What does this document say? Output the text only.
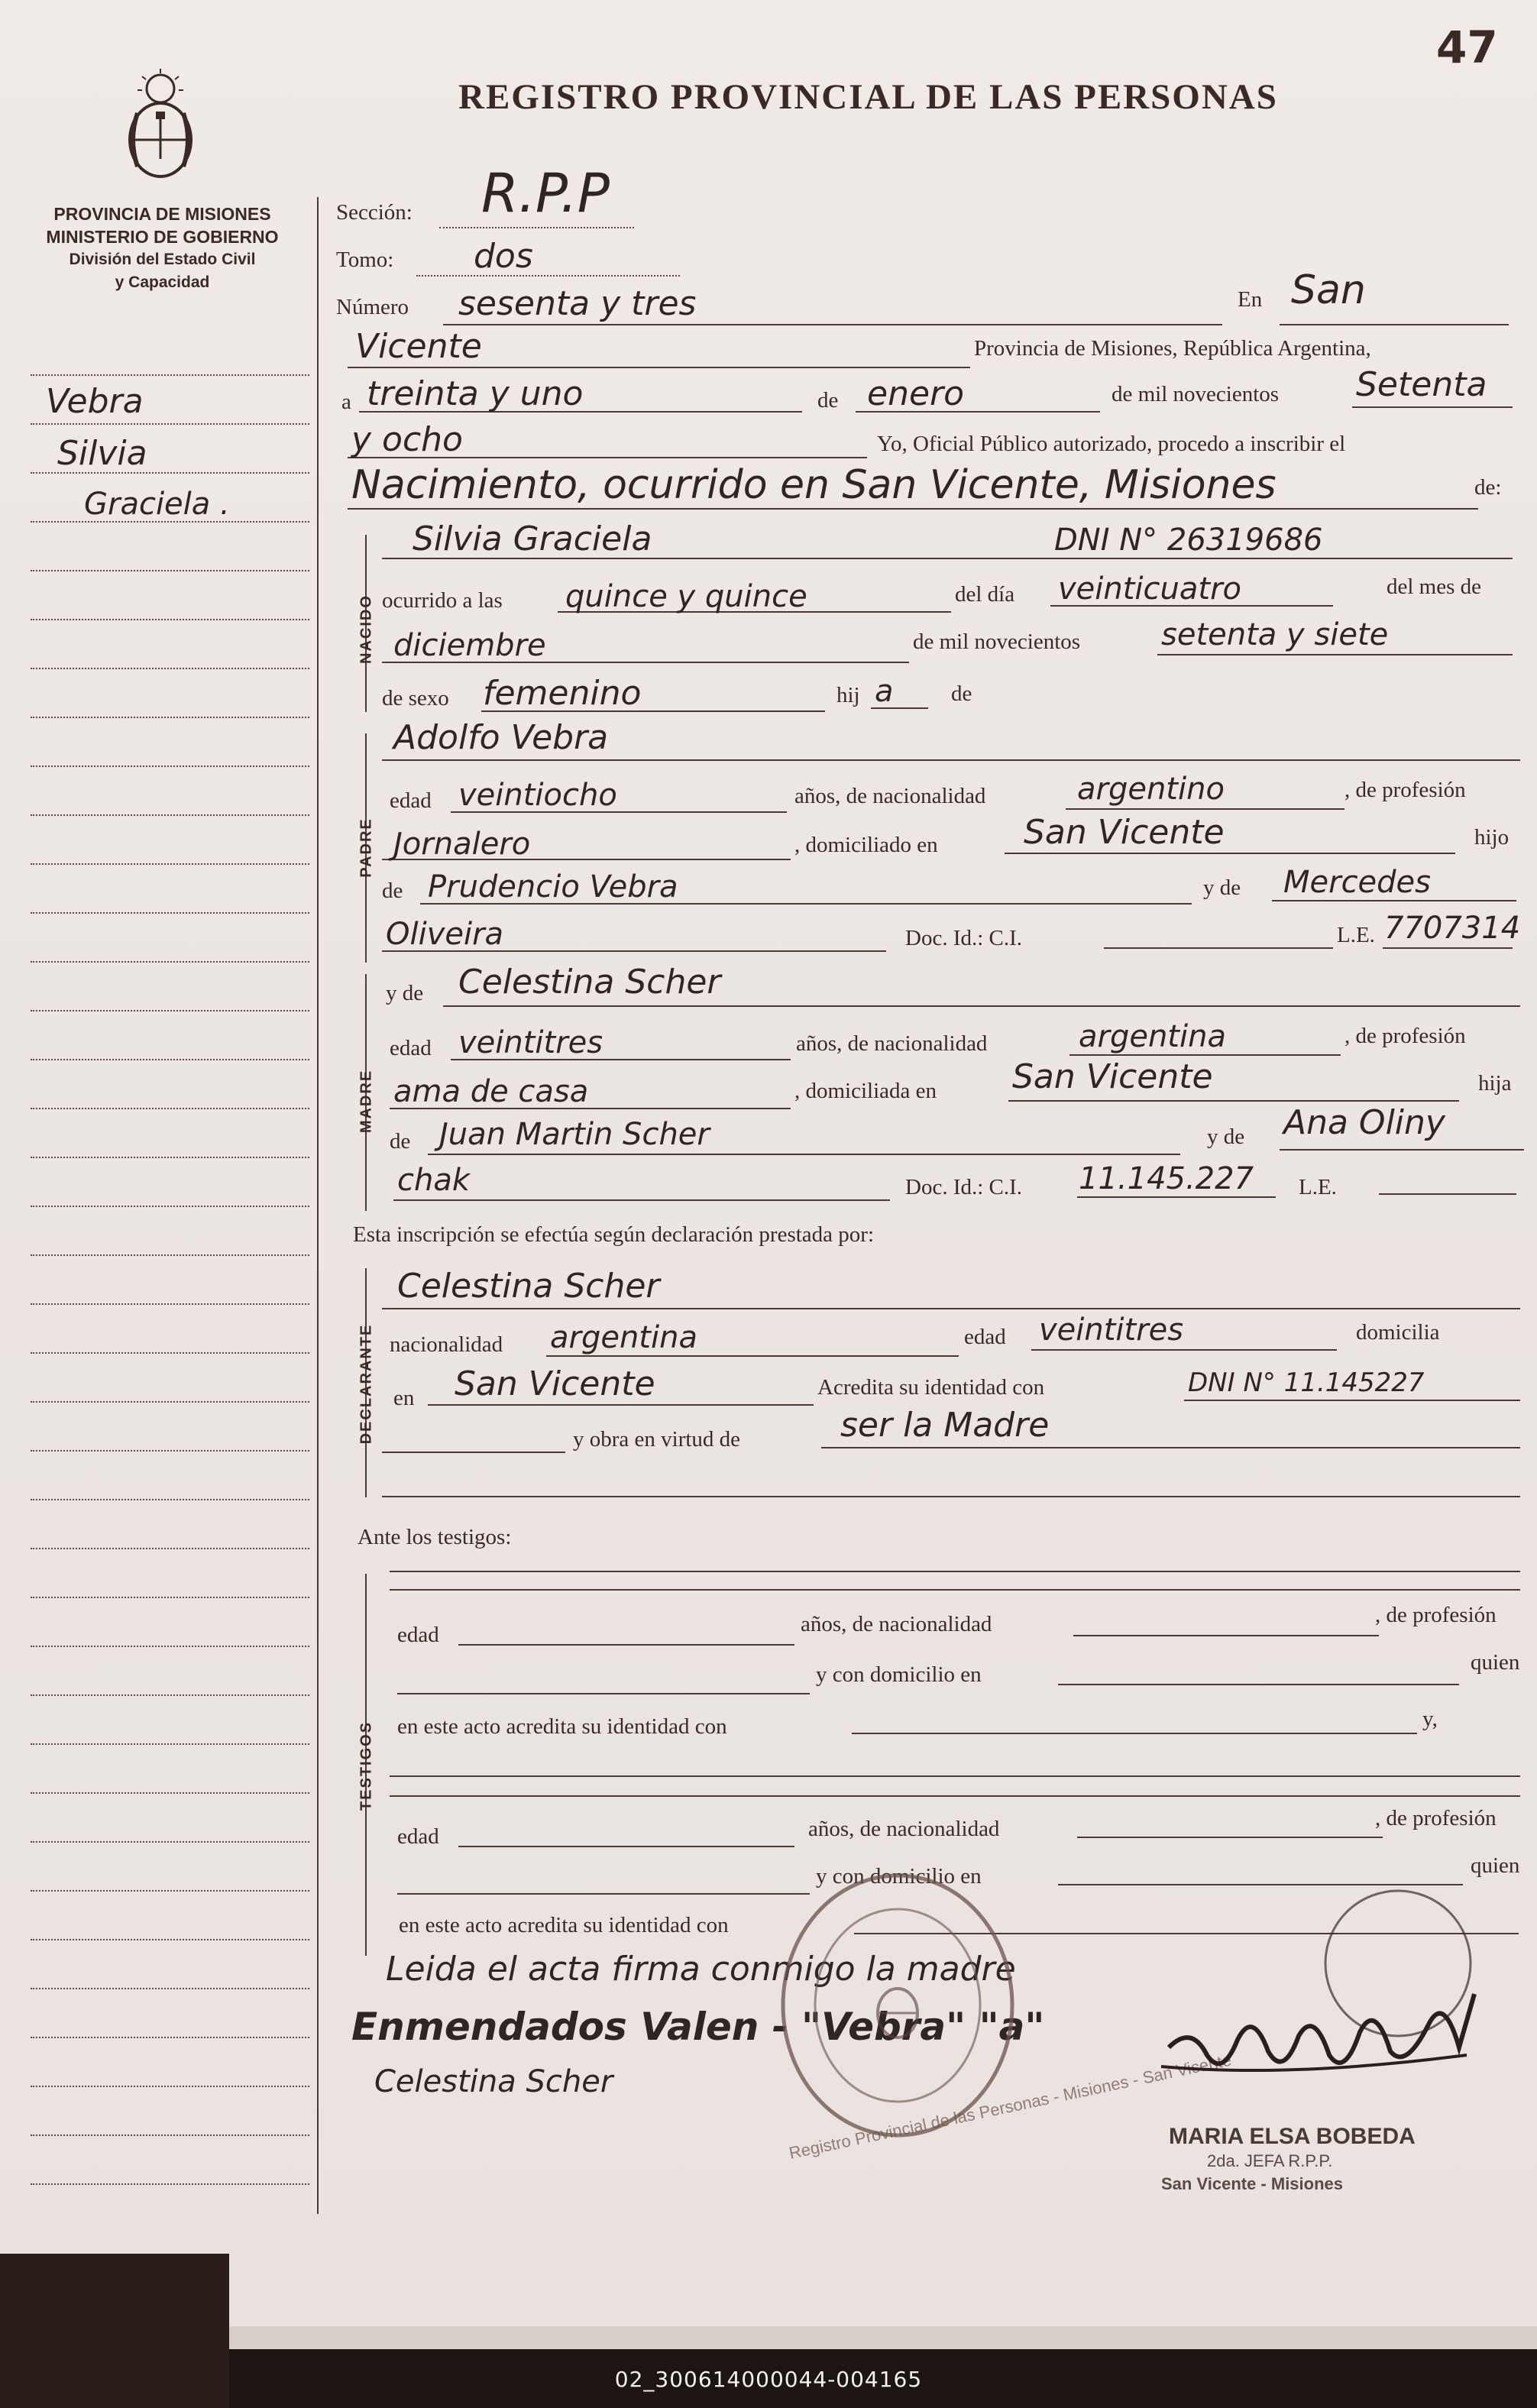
REGISTRO PROVINCIAL DE LAS PERSONAS
47
PROVINCIA DE MISIONES
MINISTERIO DE GOBIERNO
División del Estado Civil
y Capacidad
Vebra
Silvia
Graciela .
Sección: R.P.P
Tomo: dos
Número sesenta y tres	En San
Vicente	Provincia de Misiones, República Argentina,
a treinta y uno	de enero	de mil novecientos Setenta
y ocho	Yo, Oficial Público autorizado, procedo a inscribir el
Nacimiento, ocurrido en San Vicente, Misiones	de:
NACIDO
Silvia Graciela	DNI N° 26319686
ocurrido a las quince y quince	del día veinticuatro	del mes de
diciembre	de mil novecientos	setenta y siete
de sexo femenino	hij a	de
PADRE
Adolfo Vebra
edad veintiocho	años, de nacionalidad	argentino	, de profesión
Jornalero	, domiciliado en	San Vicente	hijo
de Prudencio Vebra	y de Mercedes
Oliveira	Doc. Id.: C.I.	L.E. 7707314
MADRE
y de Celestina Scher
edad veintitres	años, de nacionalidad	argentina	, de profesión
ama de casa	, domiciliada en San Vicente	hija
de Juan Martin Scher	y de Ana Oliny
chak	Doc. Id.: C.I. 11.145.227 L.E.
Esta inscripción se efectúa según declaración prestada por:
DECLARANTE
Celestina Scher
nacionalidad argentina	edad veintitres	domicilia
en San Vicente	Acredita su identidad con	DNI N° 11.145227
y obra en virtud de	ser la Madre
Ante los testigos:
TESTIGOS
edad	años, de nacionalidad	, de profesión
y con domicilio en	quien
en este acto acredita su identidad con	y,
edad	años, de nacionalidad	, de profesión
y con domicilio en	quien
en este acto acredita su identidad con
Leida el acta firma conmigo la madre
Enmendados Valen - "Vebra" "a"
Celestina Scher	Registro Provincial de las Personas - Misiones - San Vicente
MARIA ELSA BOBEDA
2da. JEFA R.P.P.
San Vicente - Misiones
02_300614000044-004165
